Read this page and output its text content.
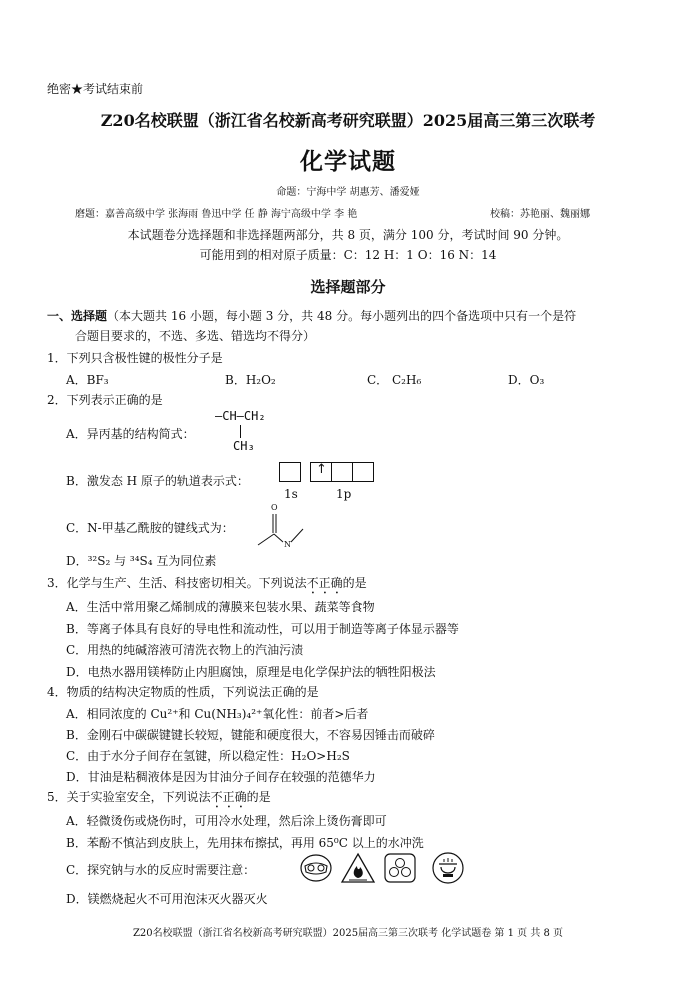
绝密★考试结束前
Z20名校联盟（浙江省名校新高考研究联盟）2025届高三第三次联考
化学试题
命题：宁海中学 胡惠芳、潘爱娅
磨题：嘉善高级中学 张海雨 鲁迅中学 任 静 海宁高级中学 李 艳	校稿：苏艳丽、魏丽娜
本试题卷分选择题和非选择题两部分，共 8 页，满分 100 分，考试时间 90 分钟。
可能用到的相对原子质量：C：12 H：1 O：16 N：14
选择题部分
一、选择题（本大题共 16 小题，每小题 3 分，共 48 分。每小题列出的四个备选项中只有一个是符
合题目要求的，不选、多选、错选均不得分）
1．下列只含极性键的极性分子是
A．BF₃	B．H₂O₂	C． C₂H₆	D．O₃
2．下列表示正确的是
A．异丙基的结构简式：
—CH—CH₂
CH₃
B．激发态 H 原子的轨道表示式：
↑
1s	1p
C．N-甲基乙酰胺的键线式为：
O
N
D．³²S₂ 与 ³⁴S₄ 互为同位素
3．化学与生产、生活、科技密切相关。下列说法不正确的是
A．生活中常用聚乙烯制成的薄膜来包装水果、蔬菜等食物
B．等离子体具有良好的导电性和流动性，可以用于制造等离子体显示器等
C．用热的纯碱溶液可清洗衣物上的汽油污渍
D．电热水器用镁棒防止内胆腐蚀，原理是电化学保护法的牺牲阳极法
4．物质的结构决定物质的性质，下列说法正确的是
A．相同浓度的 Cu²⁺和 Cu(NH₃)₄²⁺氧化性：前者>后者
B．金刚石中碳碳键键长较短，键能和硬度很大，不容易因锤击而破碎
C．由于水分子间存在氢键，所以稳定性：H₂O>H₂S
D．甘油是粘稠液体是因为甘油分子间存在较强的范德华力
5．关于实验室安全，下列说法不正确的是
A．轻微烫伤或烧伤时，可用冷水处理，然后涂上烫伤膏即可
B．苯酚不慎沾到皮肤上，先用抹布擦拭，再用 65⁰C 以上的水冲洗
C．探究钠与水的反应时需要注意：
D．镁燃烧起火不可用泡沫灭火器灭火
Z20名校联盟（浙江省名校新高考研究联盟）2025届高三第三次联考 化学试题卷 第 1 页 共 8 页
